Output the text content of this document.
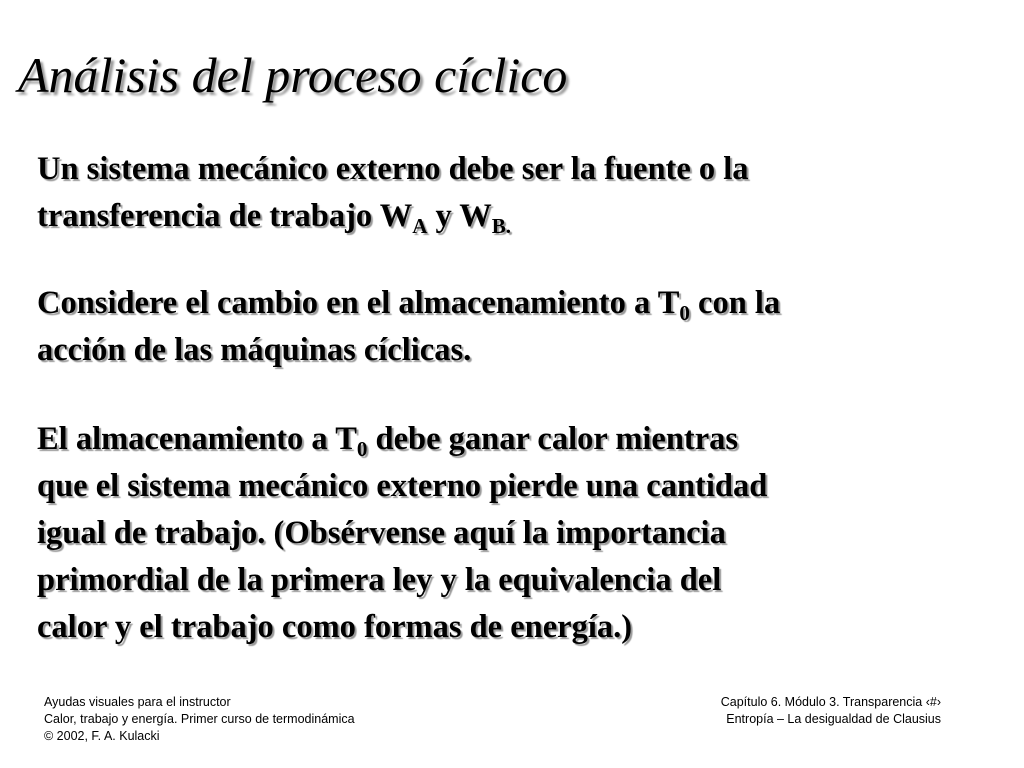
Análisis del proceso cíclico

Un sistema mecánico externo debe ser la fuente o la
transferencia de trabajo $W_A$ y $W_{B.}$

Considere el cambio en el almacenamiento a $T_0$ con la
acción de las máquinas cíclicas.

El almacenamiento a $T_0$ debe ganar calor mientras
que el sistema mecánico externo pierde una cantidad
igual de trabajo. (Obsérvense aquí la importancia
primordial de la primera ley y la equivalencia del
calor y el trabajo como formas de energía.)

Ayudas visuales para el instructor
Calor, trabajo y energía. Primer curso de termodinámica
© 2002, F. A. Kulacki
Capítulo 6. Módulo 3. Transparencia ‹#›
Entropía – La desigualdad de Clausius
